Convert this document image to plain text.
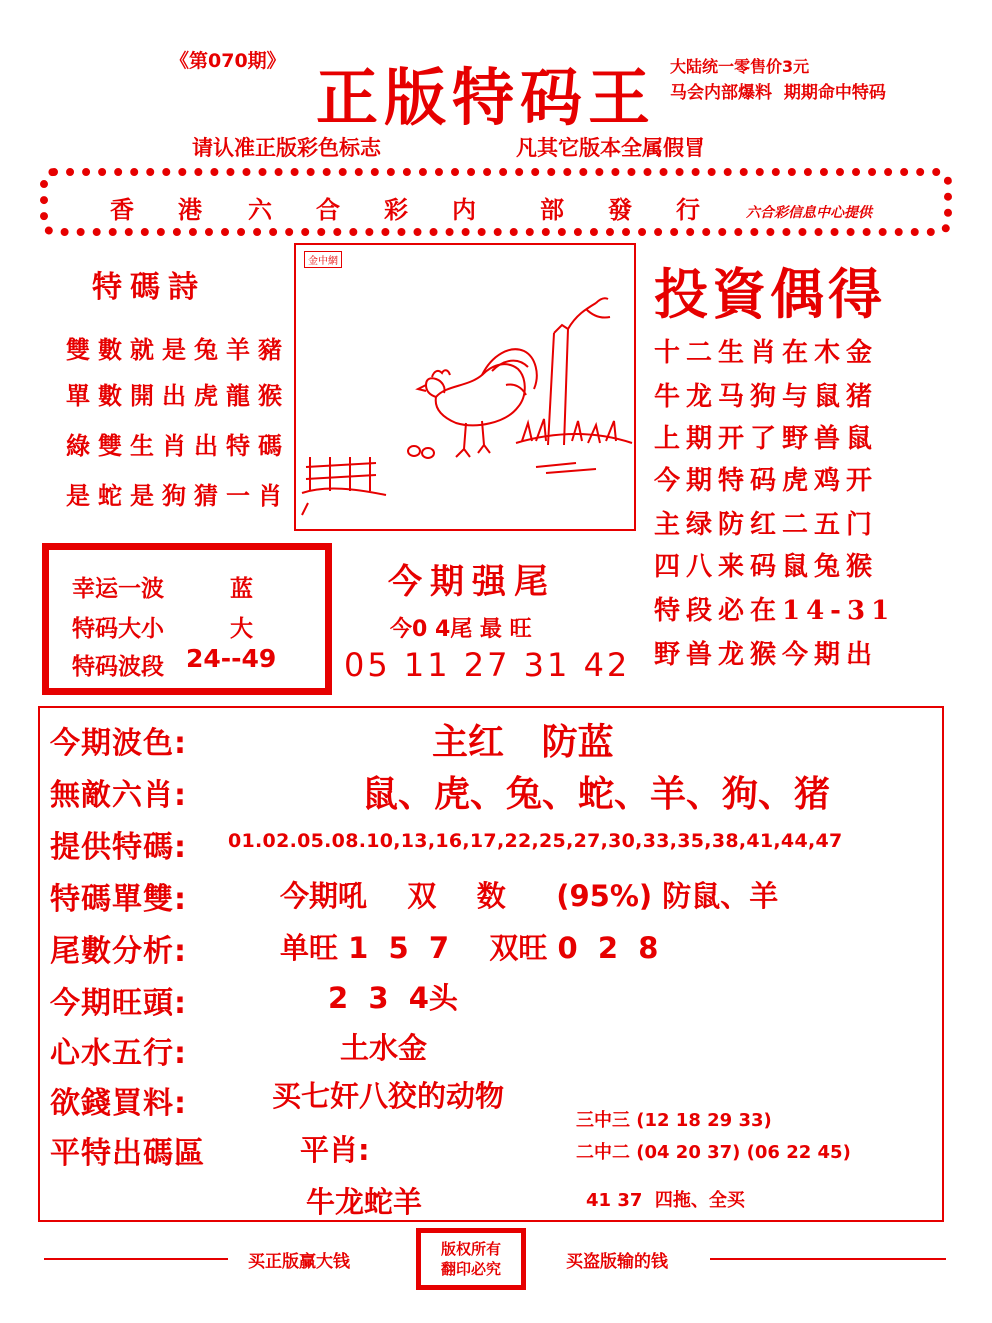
《第070期》 正版特码王 大陆统一零售价3元
马会内部爆料  期期命中特码
请认准正版彩色标志	凡其它版本全属假冒
香 港 六 合 彩 内	部 發 行	六合彩信息中心提供
特碼詩
雙數就是兔羊豬
單數開出虎龍猴
綠雙生肖出特碼
是蛇是狗猜一肖
金中網
投資偶得
十二生肖在木金
牛龙马狗与鼠猪
上期开了野兽鼠
今期特码虎鸡开
主绿防红二五门
四八来码鼠兔猴
特段必在14-31
野兽龙猴今期出
幸运一波	蓝
特码大小	大
特码波段 24--49
今期强尾
今0 4尾 最 旺
05 11 27 31 42
今期波色:	主红   防蓝
無敵六肖:	鼠、虎、兔、蛇、羊、狗、猪
提供特碼: 01.02.05.08.10,13,16,17,22,25,27,30,33,35,38,41,44,47
特碼單雙:	今期吼    双    数     (95%) 防鼠、羊
尾數分析:	单旺 1  5  7    双旺 0  2  8
今期旺頭:	2  3  4头
心水五行:	土水金
欲錢買料:	买七奸八狡的动物
平特出碼區	平肖:
牛龙蛇羊
三中三 (12 18 29 33)
二中二 (04 20 37) (06 22 45)
41 37  四拖、全买
买正版赢大钱
版权所有
翻印必究	买盗版输的钱
